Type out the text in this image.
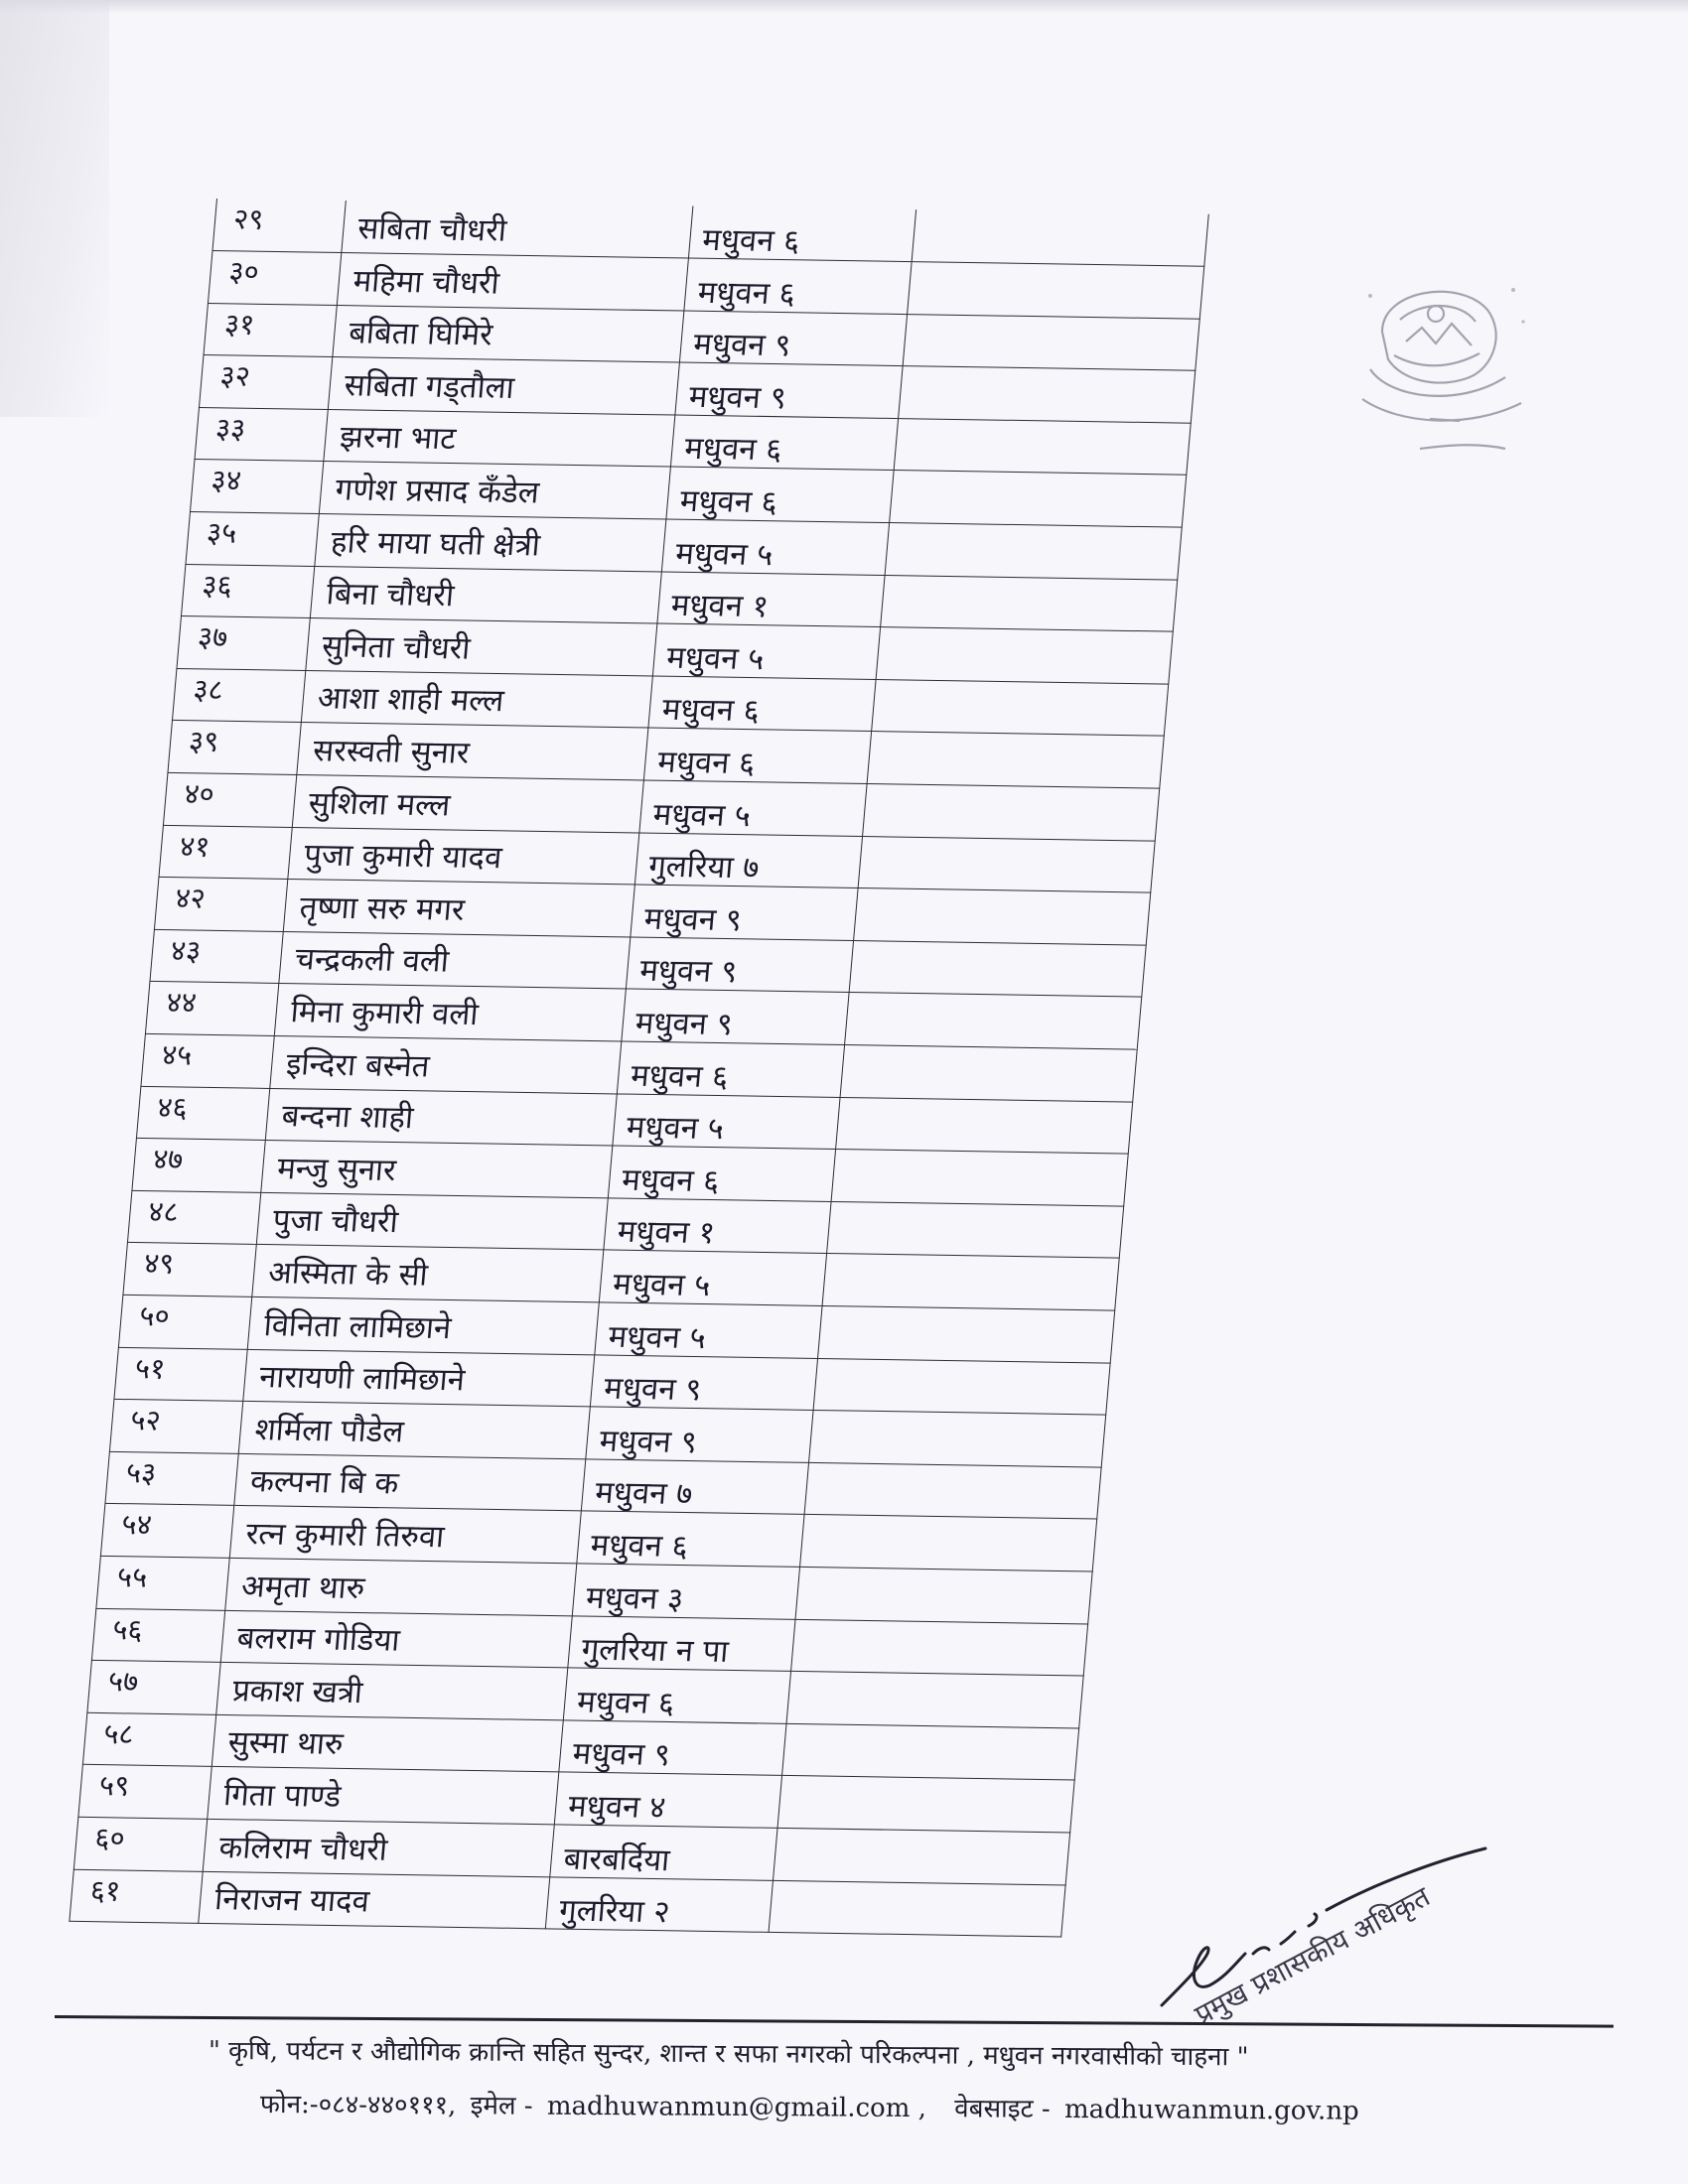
२९	सबिता चौधरी	मधुवन ६	
३०	महिमा चौधरी	मधुवन ६	
३१	बबिता घिमिरे	मधुवन ९	
३२	सबिता गड्तौला	मधुवन ९	
३३	झरना भाट	मधुवन ६	
३४	गणेश प्रसाद कँडेल	मधुवन ६	
३५	हरि माया घती क्षेत्री	मधुवन ५	
३६	बिना चौधरी	मधुवन १	
३७	सुनिता चौधरी	मधुवन ५	
३८	आशा शाही मल्ल	मधुवन ६	
३९	सरस्वती सुनार	मधुवन ६	
४०	सुशिला मल्ल	मधुवन ५	
४१	पुजा कुमारी यादव	गुलरिया ७	
४२	तृष्णा सरु मगर	मधुवन ९	
४३	चन्द्रकली वली	मधुवन ९	
४४	मिना कुमारी वली	मधुवन ९	
४५	इन्दिरा बस्नेत	मधुवन ६	
४६	बन्दना शाही	मधुवन ५	
४७	मन्जु सुनार	मधुवन ६	
४८	पुजा चौधरी	मधुवन १	
४९	अस्मिता के सी	मधुवन ५	
५०	विनिता लामिछाने	मधुवन ५	
५१	नारायणी लामिछाने	मधुवन ९	
५२	शर्मिला पौडेल	मधुवन ९	
५३	कल्पना बि क	मधुवन ७	
५४	रत्न कुमारी तिरुवा	मधुवन ६	
५५	अमृता थारु	मधुवन ३	
५६	बलराम गोडिया	गुलरिया न पा	
५७	प्रकाश खत्री	मधुवन ६	
५८	सुस्मा थारु	मधुवन ९	
५९	गिता पाण्डे	मधुवन ४	
६०	कलिराम चौधरी	बारबर्दिया	
६१	निराजन यादव	गुलरिया २		प्रमुख प्रशासकीय अधिकृत
" कृषि, पर्यटन र औद्योगिक क्रान्ति सहित सुन्दर, शान्त र सफा नगरको परिकल्पना , मधुवन नगरवासीको चाहना "
फोन:-०८४-४४०१११, इमेल - madhuwanmun@gmail.com , वेबसाइट - madhuwanmun.gov.np
